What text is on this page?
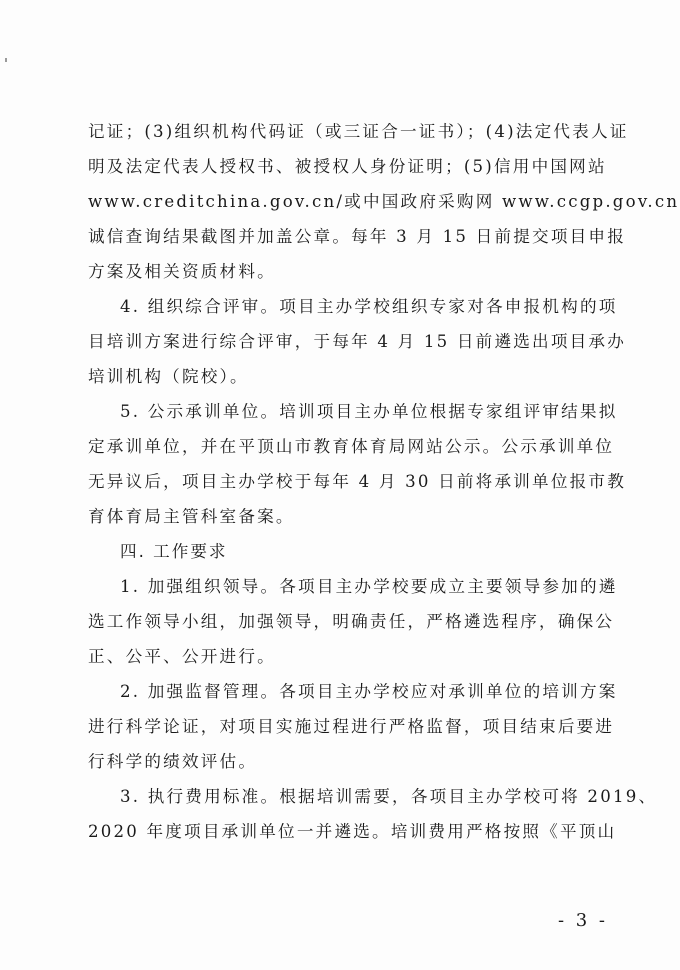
记证；(3)组织机构代码证（或三证合一证书）；(4)法定代表人证
明及法定代表人授权书、被授权人身份证明；(5)信用中国网站
www.creditchina.gov.cn/或中国政府采购网 www.ccgp.gov.cn
诚信查询结果截图并加盖公章。每年 3 月 15 日前提交项目申报
方案及相关资质材料。
4. 组织综合评审。项目主办学校组织专家对各申报机构的项
目培训方案进行综合评审，于每年 4 月 15 日前遴选出项目承办
培训机构（院校）。
5. 公示承训单位。培训项目主办单位根据专家组评审结果拟
定承训单位，并在平顶山市教育体育局网站公示。公示承训单位
无异议后，项目主办学校于每年 4 月 30 日前将承训单位报市教
育体育局主管科室备案。
四. 工作要求
1. 加强组织领导。各项目主办学校要成立主要领导参加的遴
选工作领导小组，加强领导，明确责任，严格遴选程序，确保公
正、公平、公开进行。
2. 加强监督管理。各项目主办学校应对承训单位的培训方案
进行科学论证，对项目实施过程进行严格监督，项目结束后要进
行科学的绩效评估。
3. 执行费用标准。根据培训需要，各项目主办学校可将 2019、
2020 年度项目承训单位一并遴选。培训费用严格按照《平顶山
- 3 -
